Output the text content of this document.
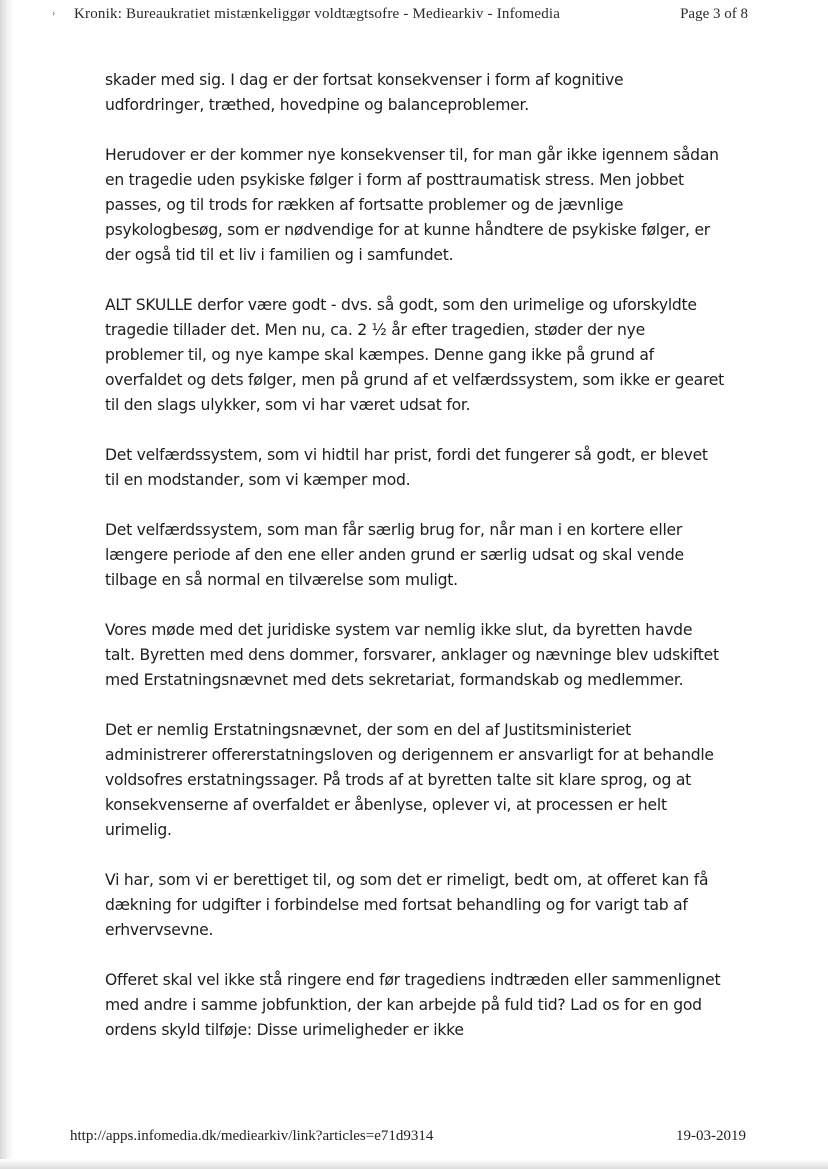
› Kronik: Bureaukratiet mistænkeliggør voldtægtsofre - Mediearkiv - Infomedia	Page 3 of 8

skader med sig. I dag er der fortsat konsekvenser i form af kognitive udfordringer, træthed, hovedpine og balanceproblemer.

Herudover er der kommer nye konsekvenser til, for man går ikke igennem sådan en tragedie uden psykiske følger i form af posttraumatisk stress. Men jobbet passes, og til trods for rækken af fortsatte problemer og de jævnlige psykologbesøg, som er nødvendige for at kunne håndtere de psykiske følger, er der også tid til et liv i familien og i samfundet.

ALT SKULLE derfor være godt - dvs. så godt, som den urimelige og uforskyldte tragedie tillader det. Men nu, ca. 2 ½ år efter tragedien, støder der nye problemer til, og nye kampe skal kæmpes. Denne gang ikke på grund af overfaldet og dets følger, men på grund af et velfærdssystem, som ikke er gearet til den slags ulykker, som vi har været udsat for.

Det velfærdssystem, som vi hidtil har prist, fordi det fungerer så godt, er blevet til en modstander, som vi kæmper mod.

Det velfærdssystem, som man får særlig brug for, når man i en kortere eller længere periode af den ene eller anden grund er særlig udsat og skal vende tilbage en så normal en tilværelse som muligt.

Vores møde med det juridiske system var nemlig ikke slut, da byretten havde talt. Byretten med dens dommer, forsvarer, anklager og nævninge blev udskiftet med Erstatningsnævnet med dets sekretariat, formandskab og medlemmer.

Det er nemlig Erstatningsnævnet, der som en del af Justitsministeriet administrerer offererstatningsloven og derigennem er ansvarligt for at behandle voldsofres erstatningssager. På trods af at byretten talte sit klare sprog, og at konsekvenserne af overfaldet er åbenlyse, oplever vi, at processen er helt urimelig.

Vi har, som vi er berettiget til, og som det er rimeligt, bedt om, at offeret kan få dækning for udgifter i forbindelse med fortsat behandling og for varigt tab af erhvervsevne.

Offeret skal vel ikke stå ringere end før tragediens indtræden eller sammenlignet med andre i samme jobfunktion, der kan arbejde på fuld tid? Lad os for en god ordens skyld tilføje: Disse urimeligheder er ikke

http://apps.infomedia.dk/mediearkiv/link?articles=e71d9314	19-03-2019
